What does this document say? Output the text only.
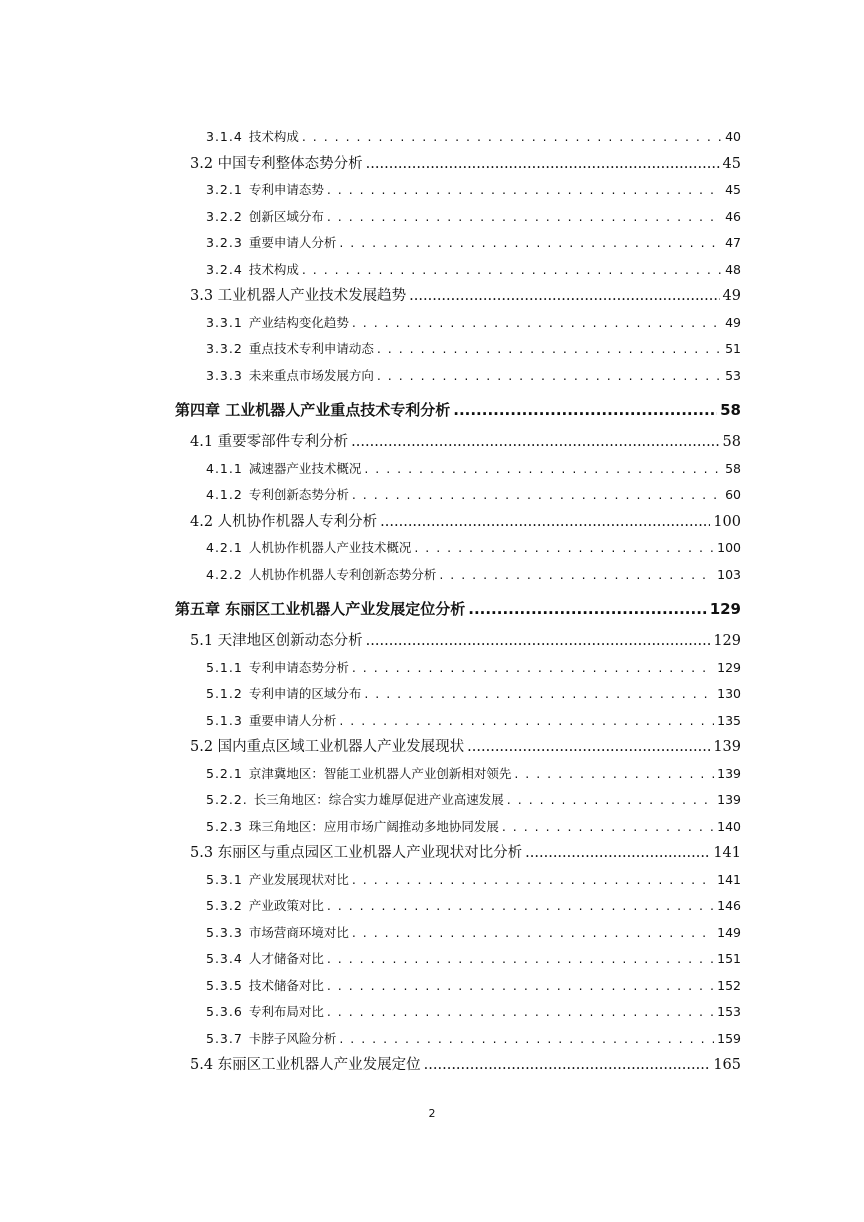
3.1.4 技术构成 . . .	40
3.2 中国专利整体态势分析 .....	45
3.2.1 专利申请态势 . . .	45
3.2.2 创新区域分布 . . .	46
3.2.3 重要申请人分析 . . .	47
3.2.4 技术构成 . . .	48
3.3 工业机器人产业技术发展趋势 .....	49
3.3.1 产业结构变化趋势 . . .	49
3.3.2 重点技术专利申请动态 . . .	51
3.3.3 未来重点市场发展方向 . . .	53
第四章 工业机器人产业重点技术专利分析 .....	58
4.1 重要零部件专利分析 .....	58
4.1.1 减速器产业技术概况 . . .	58
4.1.2 专利创新态势分析 . . .	60
4.2 人机协作机器人专利分析 .....	100
4.2.1 人机协作机器人产业技术概况 . . .	100
4.2.2 人机协作机器人专利创新态势分析 . . .	103
第五章 东丽区工业机器人产业发展定位分析 .....	129
5.1 天津地区创新动态分析 .....	129
5.1.1 专利申请态势分析 . . .	129
5.1.2 专利申请的区域分布 . . .	130
5.1.3 重要申请人分析 . . .	135
5.2 国内重点区域工业机器人产业发展现状 .....	139
5.2.1 京津冀地区：智能工业机器人产业创新相对领先 . . .	139
5.2.2. 长三角地区：综合实力雄厚促进产业高速发展 . . .	139
5.2.3 珠三角地区：应用市场广阔推动多地协同发展 . . .	140
5.3 东丽区与重点园区工业机器人产业现状对比分析 .....	141
5.3.1 产业发展现状对比 . . .	141
5.3.2 产业政策对比 . . .	146
5.3.3 市场营商环境对比 . . .	149
5.3.4 人才储备对比 . . .	151
5.3.5 技术储备对比 . . .	152
5.3.6 专利布局对比 . . .	153
5.3.7 卡脖子风险分析 . . .	159
5.4 东丽区工业机器人产业发展定位 .....	165
2
